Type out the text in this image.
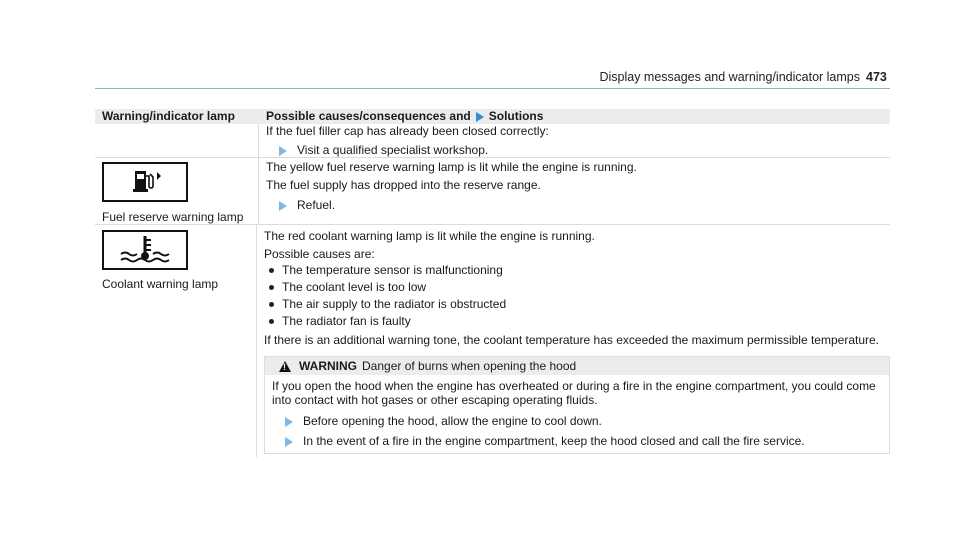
Display messages and warning/indicator lamps 473
Warning/indicator lamp	Possible causes/consequences and Solutions

If the fuel filler cap has already been closed correctly:

Visit a qualified specialist workshop.
Fuel reserve warning lamp

The yellow fuel reserve warning lamp is lit while the engine is running.

The fuel supply has dropped into the reserve range.

Refuel.
Coolant warning lamp

The red coolant warning lamp is lit while the engine is running.

Possible causes are:

The temperature sensor is malfunctioning
The coolant level is too low
The air supply to the radiator is obstructed
The radiator fan is faulty

If there is an additional warning tone, the coolant temperature has exceeded the maximum permissible temperature.

!
WARNING Danger of burns when opening the hood

If you open the hood when the engine has overheated or during a fire in the engine compartment, you could come into contact with hot gases or other escaping operating fluids.

Before opening the hood, allow the engine to cool down.
In the event of a fire in the engine compartment, keep the hood closed and call the fire service.
